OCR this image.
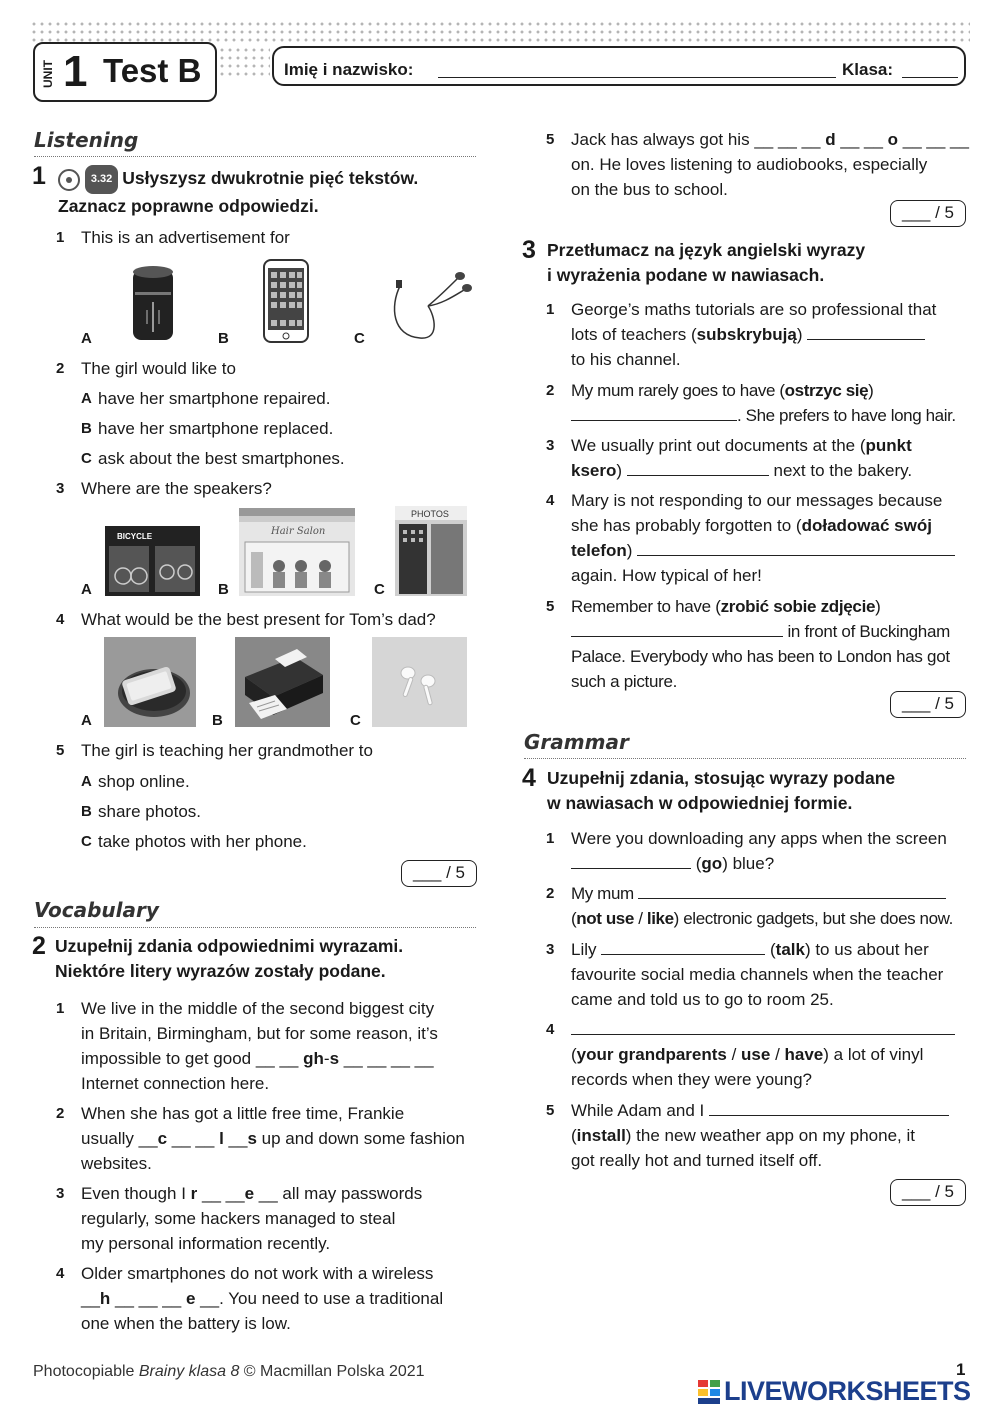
UNIT 1 Test B	Imię i nazwisko:	Klasa:
Listening
1	3.32 Usłyszysz dwukrotnie pięć tekstów.
Zaznacz poprawne odpowiedzi.
1 This is an advertisement for
A	B	C
2 The girl would like to
A have her smartphone repaired.
B have her smartphone replaced.
C ask about the best smartphones.
3 Where are the speakers?
A
BICYCLE
B
Hair Salon
C
PHOTOS
4 What would be the best present for Tom’s dad?
A	B	C
5 The girl is teaching her grandmother to
A shop online.
B share photos.
C take photos with her phone.
___ / 5
Vocabulary
2 Uzupełnij zdania odpowiednimi wyrazami.
Niektóre litery wyrazów zostały podane.
1 We live in the middle of the second biggest city
in Britain, Birmingham, but for some reason, it’s
impossible to get good __ __ gh-s __ __ __ __
Internet connection here.
2 When she has got a little free time, Frankie
usually __c __ __ l __s up and down some fashion
websites.
3 Even though I r __ __e __ all may passwords
regularly, some hackers managed to steal
my personal information recently.
4 Older smartphones do not work with a wireless
__h __ __ __ e __. You need to use a traditional
one when the battery is low.
5 Jack has always got his __ __ __ d __ __ o __ __ __
on. He loves listening to audiobooks, especially
on the bus to school.
___ / 5
3 Przetłumacz na język angielski wyrazy
i wyrażenia podane w nawiasach.
1 George’s maths tutorials are so professional that
lots of teachers (subskrybują)
to his channel.
2 My mum rarely goes to have (ostrzyc się)
. She prefers to have long hair.
3 We usually print out documents at the (punkt
ksero)	next to the bakery.
4 Mary is not responding to our messages because
she has probably forgotten to (doładować swój
telefon)
again. How typical of her!
5 Remember to have (zrobić sobie zdjęcie)
in front of Buckingham
Palace. Everybody who has been to London has got
such a picture.
___ / 5
Grammar
4 Uzupełnij zdania, stosując wyrazy podane
w nawiasach w odpowiedniej formie.
1 Were you downloading any apps when the screen
(go) blue?
2 My mum
(not use / like) electronic gadgets, but she does now.
3 Lily	(talk) to us about her
favourite social media channels when the teacher
came and told us to go to room 25.
4

(your grandparents / use / have) a lot of vinyl
records when they were young?
5 While Adam and I
(install) the new weather app on my phone, it
got really hot and turned itself off.
___ / 5
Photocopiable Brainy klasa 8 © Macmillan Polska 2021	1
LIVEWORKSHEETS
